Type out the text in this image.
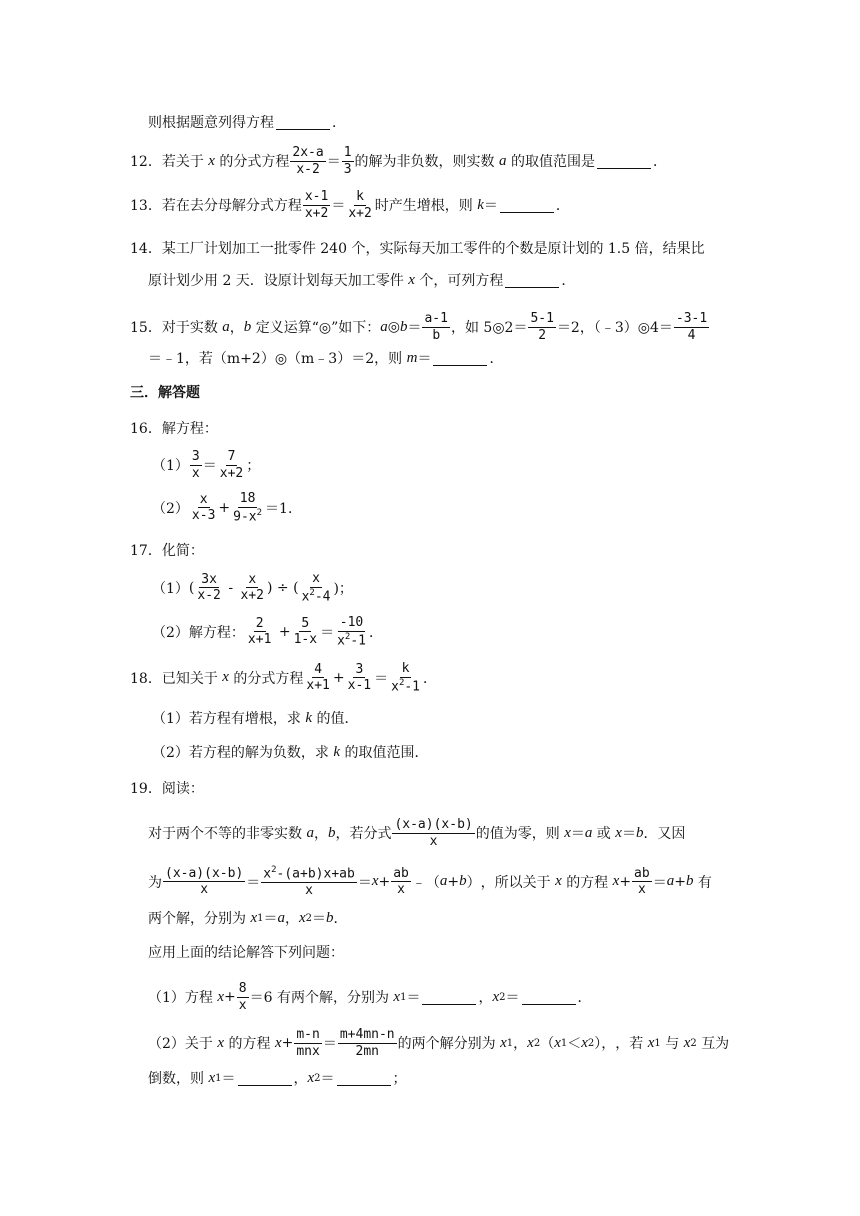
则根据题意列得方程	．
12． 若关于
x
的分式方程 $\frac{2x-a}{x-2} = \frac{1}{3}$ 的解为非负数，则实数
a
的取值范围是	．
13． 若在去分母解分式方程 $\frac{x-1}{x+2} = \frac{k}{x+2}$ 时产生增根，则
k ＝	．
14． 某工厂计划加工一批零件 240 个，实际每天加工零件的个数是原计划的 1.5 倍，结果比
原计划少用 2 天．设原计划每天加工零件
x
个，可列方程	．
15． 对于实数
a ， b
定义运算“◎”如下： a ◎ $b = \frac{a-1}{b}$ ，如 5◎2＝ $\frac{5-1}{2} =2$，（﹣3）◎4＝ $\frac{-3-1}{4}$
＝﹣1，若（m+2）◎（m﹣3）＝2，则
m ＝	．
三．解答题
16． 解方程：
$(1) \frac{3}{x} = \frac{7}{x+2}$ ；
$(2) \frac{x}{x-3} + \frac{18}{9-x^2} =1$．
17． 化简：
（1） ( $\frac{3x}{x-2} - \frac{x}{x+2}$ ) ÷ ( $\frac{x}{x^2-4}$ )；
（2）解方程： $\frac{2}{x+1} + \frac{5}{1-x} = \frac{-10}{x^2-1}$ ．
18． 已知关于
x
的分式方程 $\frac{4}{x+1} + \frac{3}{x-1} = \frac{k}{x^2-1}$ ．
（1）若方程有增根，求
k
的值．
（2）若方程的解为负数，求
k
的取值范围．
19． 阅读：
对于两个不等的非零实数
a ， b ，若分式 $\frac{(x-a)(x-b)}{x}$ 的值为零，则
x ＝ a 或 x ＝ b ．又因
为 $\frac{(x-a)(x-b)}{x} = \frac{x^2-(a+b)x+ab}{x} = x + \frac{ab}{x}$ ﹣（ a + b ） ，所以关于
x
的方程
$x + \frac{ab}{x} = a + b$
有
两个解，分别为
x 1 ＝ a ， x 2 ＝ b ．
应用上面的结论解答下列问题：
（1）方程
$x + \frac{8}{x} =6$ 有两个解，分别为
x 1 ＝	， x 2 ＝	．
（2）关于
x
的方程
$x + \frac{m-n}{\text{mnx}} = \frac{m+4mn-n}{2mn}$ 的两个解分别为
x 1 ， x 2 （ x 1 ＜ x 2 ）， ，若
x 1
与
x 2
互为
倒数，则
x 1 ＝	， x 2 ＝	；
